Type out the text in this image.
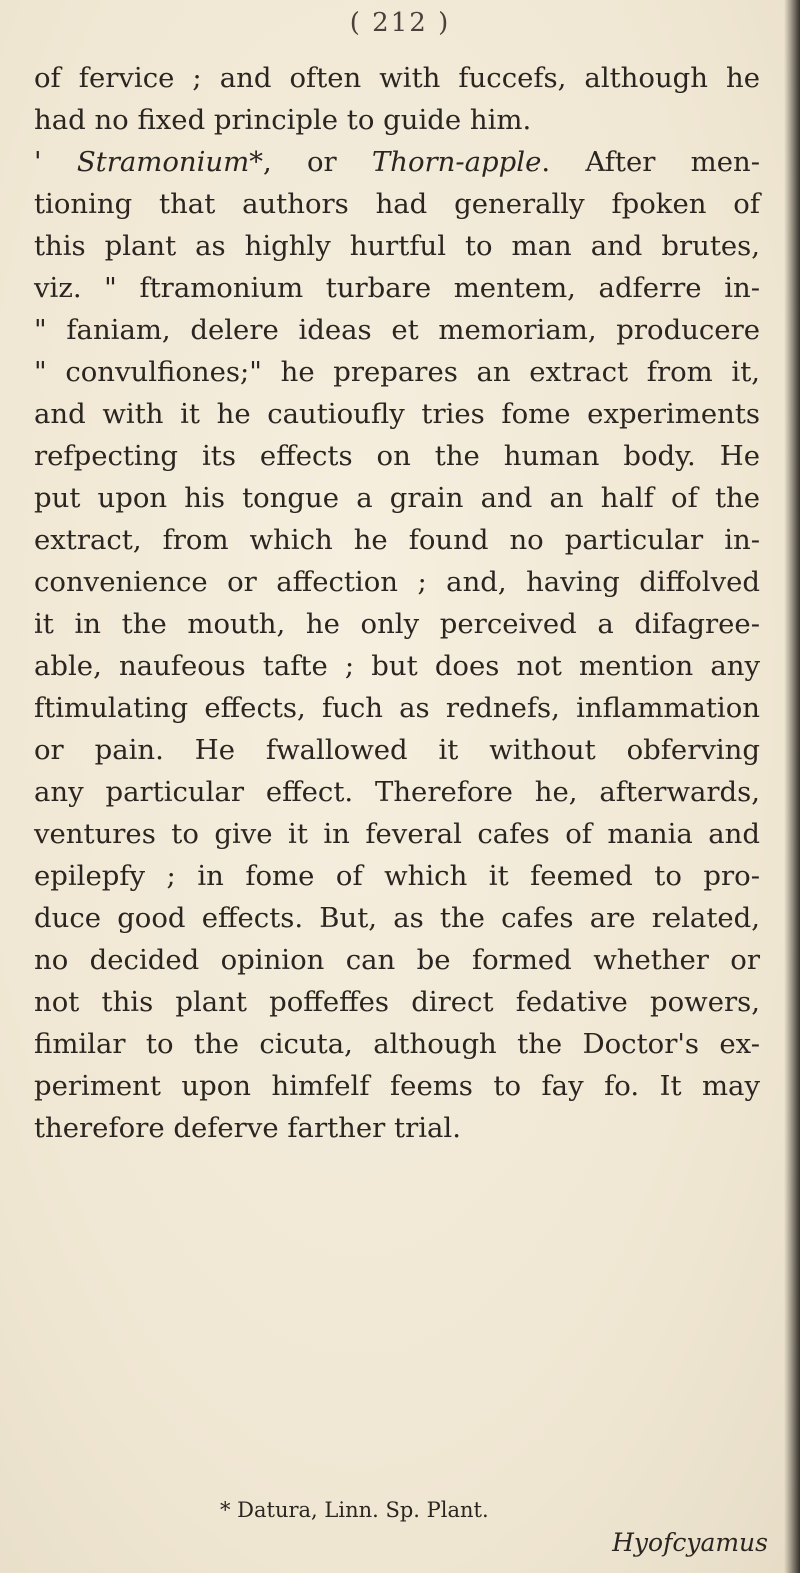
( 212 )
of fervice ; and often with fuccefs, although he
had no fixed principle to guide him.
' Stramonium*, or Thorn-apple. After men-
tioning that authors had generally fpoken of
this plant as highly hurtful to man and brutes,
viz. " ftramonium turbare mentem, adferre in-
" faniam, delere ideas et memoriam, producere
" convulfiones;" he prepares an extract from it,
and with it he cautioufly tries fome experiments
refpecting its effects on the human body. He
put upon his tongue a grain and an half of the
extract, from which he found no particular in-
convenience or affection ; and, having diffolved
it in the mouth, he only perceived a difagree-
able, naufeous tafte ; but does not mention any
ftimulating effects, fuch as rednefs, inflammation
or pain. He fwallowed it without obferving
any particular effect. Therefore he, afterwards,
ventures to give it in feveral cafes of mania and
epilepfy ; in fome of which it feemed to pro-
duce good effects. But, as the cafes are related,
no decided opinion can be formed whether or
not this plant poffeffes direct fedative powers,
fimilar to the cicuta, although the Doctor's ex-
periment upon himfelf feems to fay fo. It may
therefore deferve farther trial.
* Datura, Linn. Sp. Plant.
Hyofcyamus
